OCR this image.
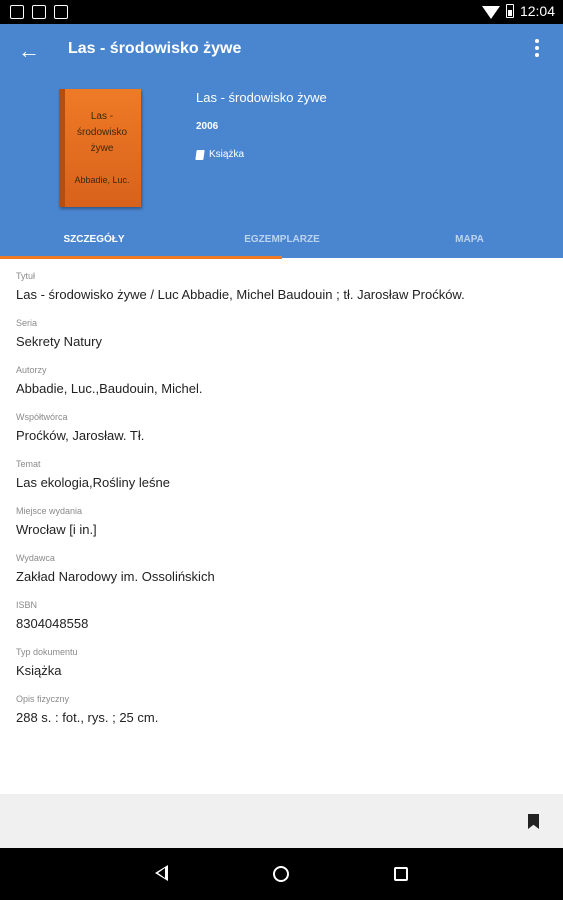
12:04
← Las - środowisko żywe
Las - środowisko żywe
Abbadie, Luc.
Las - środowisko żywe
2006
Książka
SZCZEGÓŁY	EGZEMPLARZE	MAPA
Tytuł
Las - środowisko żywe / Luc Abbadie, Michel Baudouin ; tł. Jarosław Proćków.
Seria
Sekrety Natury
Autorzy
Abbadie, Luc.,Baudouin, Michel.
Współtwórca
Proćków, Jarosław. Tł.
Temat
Las ekologia,Rośliny leśne
Miejsce wydania
Wrocław [i in.]
Wydawca
Zakład Narodowy im. Ossolińskich
ISBN
8304048558
Typ dokumentu
Książka
Opis fizyczny
288 s. : fot., rys. ; 25 cm.
